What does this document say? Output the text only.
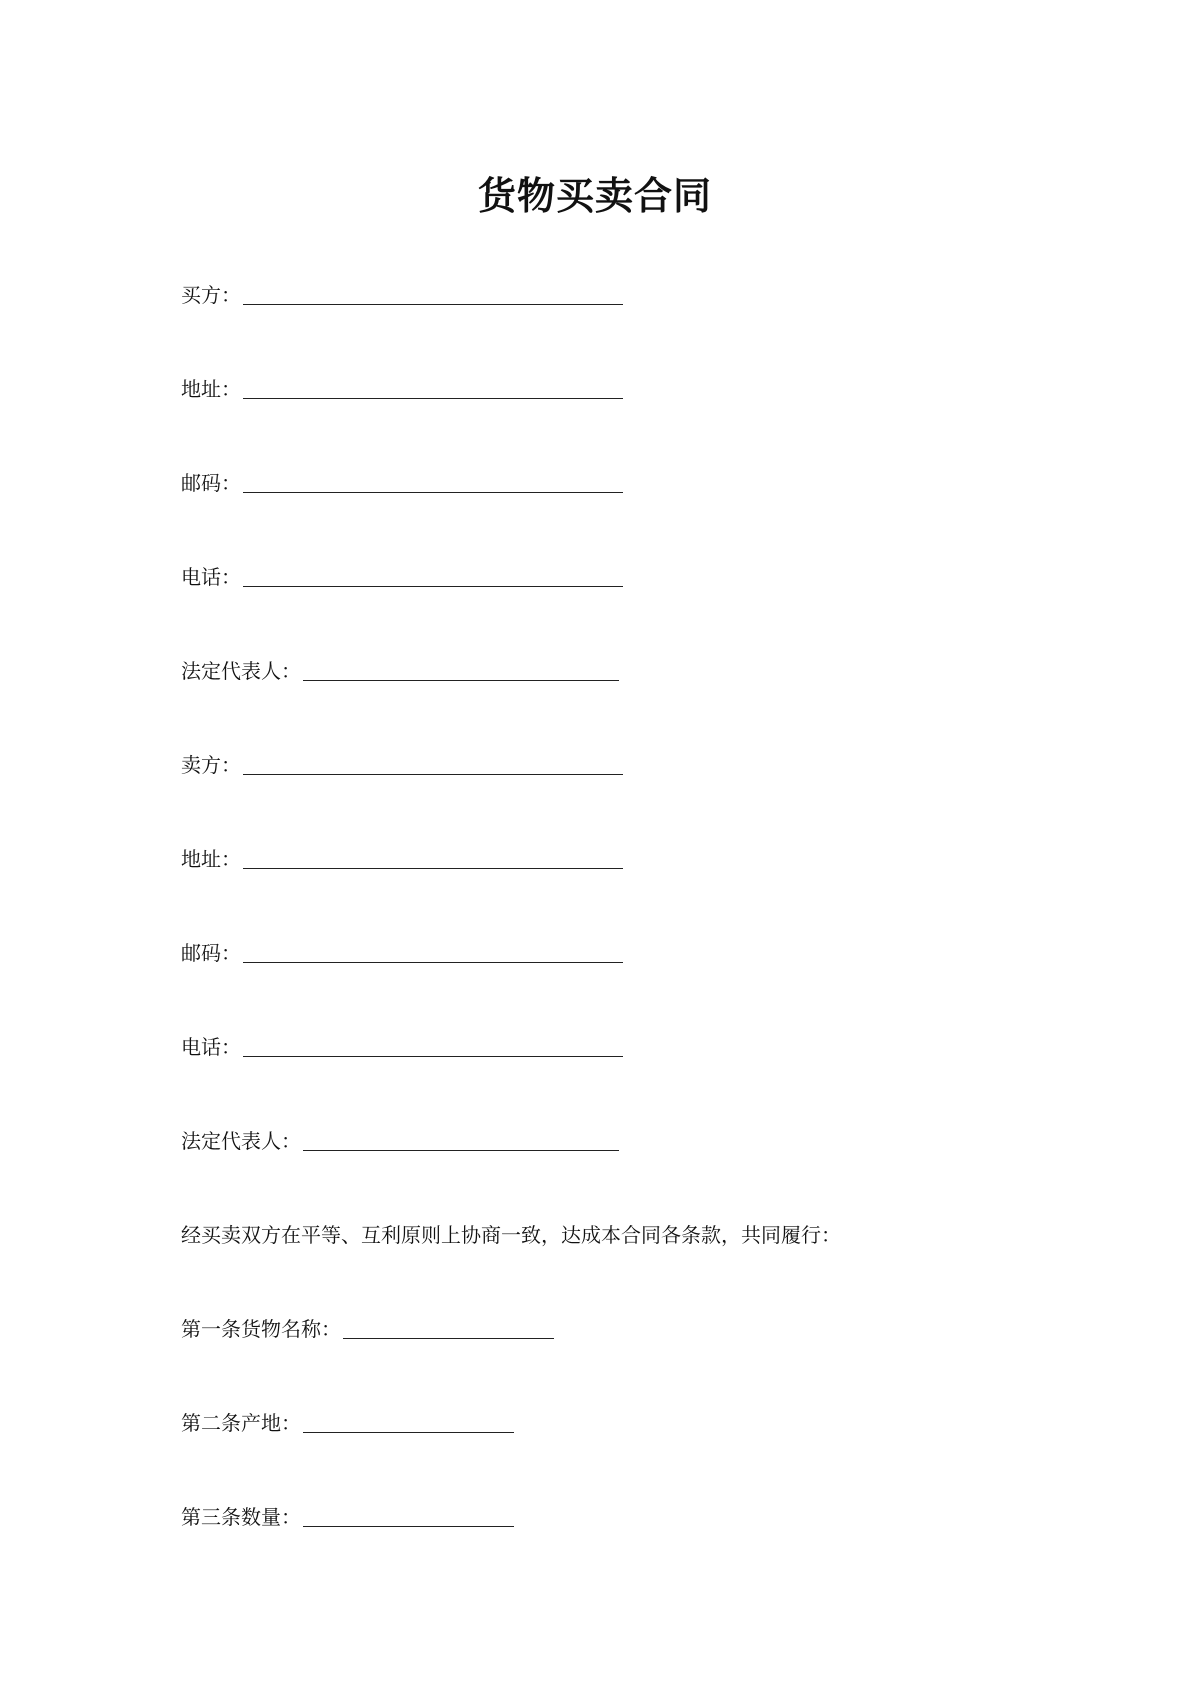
货物买卖合同
买方：
地址：
邮码：
电话：
法定代表人：
卖方：
地址：
邮码：
电话：
法定代表人：
经买卖双方在平等、互利原则上协商一致，达成本合同各条款，共同履行：
第一条货物名称：
第二条产地：
第三条数量：
